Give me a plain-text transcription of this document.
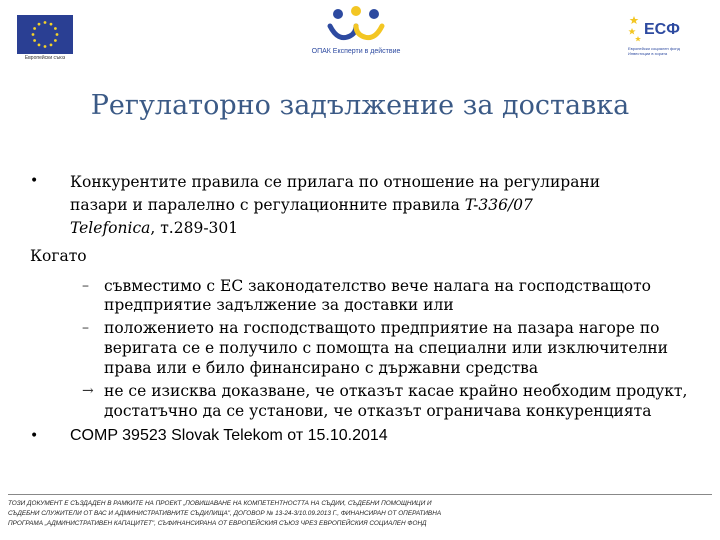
Европейски съюз
ОПАК Експерти в действие
ЕСФ
Европейски социален фонд Инвестиции в хората
Регулаторно задължение за доставка
• Конкурентите правила се прилага по отношение на регулирани
пазари и паралелно с регулационните правила T-336/07
Telefonica, т.289-301
Когато
– съвместимо с ЕС законодателство вече налага на господстващото
предприятие задължение за доставки или
– положението на господстващото предприятие на пазара нагоре по
веригата се е получило с помощта на специални или изключителни
права или е било финансирано с държавни средства
→ не се изисква доказване, че отказът касае крайно необходим продукт,
достатъчно да се установи, че отказът ограничава конкуренцията
• COMP 39523 Slovak Telekom от 15.10.2014
ТОЗИ ДОКУМЕНТ Е СЪЗДАДЕН В РАМКИТЕ НА ПРОЕКТ „ПОВИШАВАНЕ НА КОМПЕТЕНТНОСТТА НА СЪДИИ, СЪДЕБНИ ПОМОЩНИЦИ И
СЪДЕБНИ СЛУЖИТЕЛИ ОТ ВАС И АДМИНИСТРАТИВНИТЕ СЪДИЛИЩА", ДОГОВОР № 13-24-3/10.09.2013 Г., ФИНАНСИРАН ОТ ОПЕРАТИВНА
ПРОГРАМА „АДМИНИСТРАТИВЕН КАПАЦИТЕТ", СЪФИНАНСИРАНА ОТ ЕВРОПЕЙСКИЯ СЪЮЗ ЧРЕЗ ЕВРОПЕЙСКИЯ СОЦИАЛЕН ФОНД
